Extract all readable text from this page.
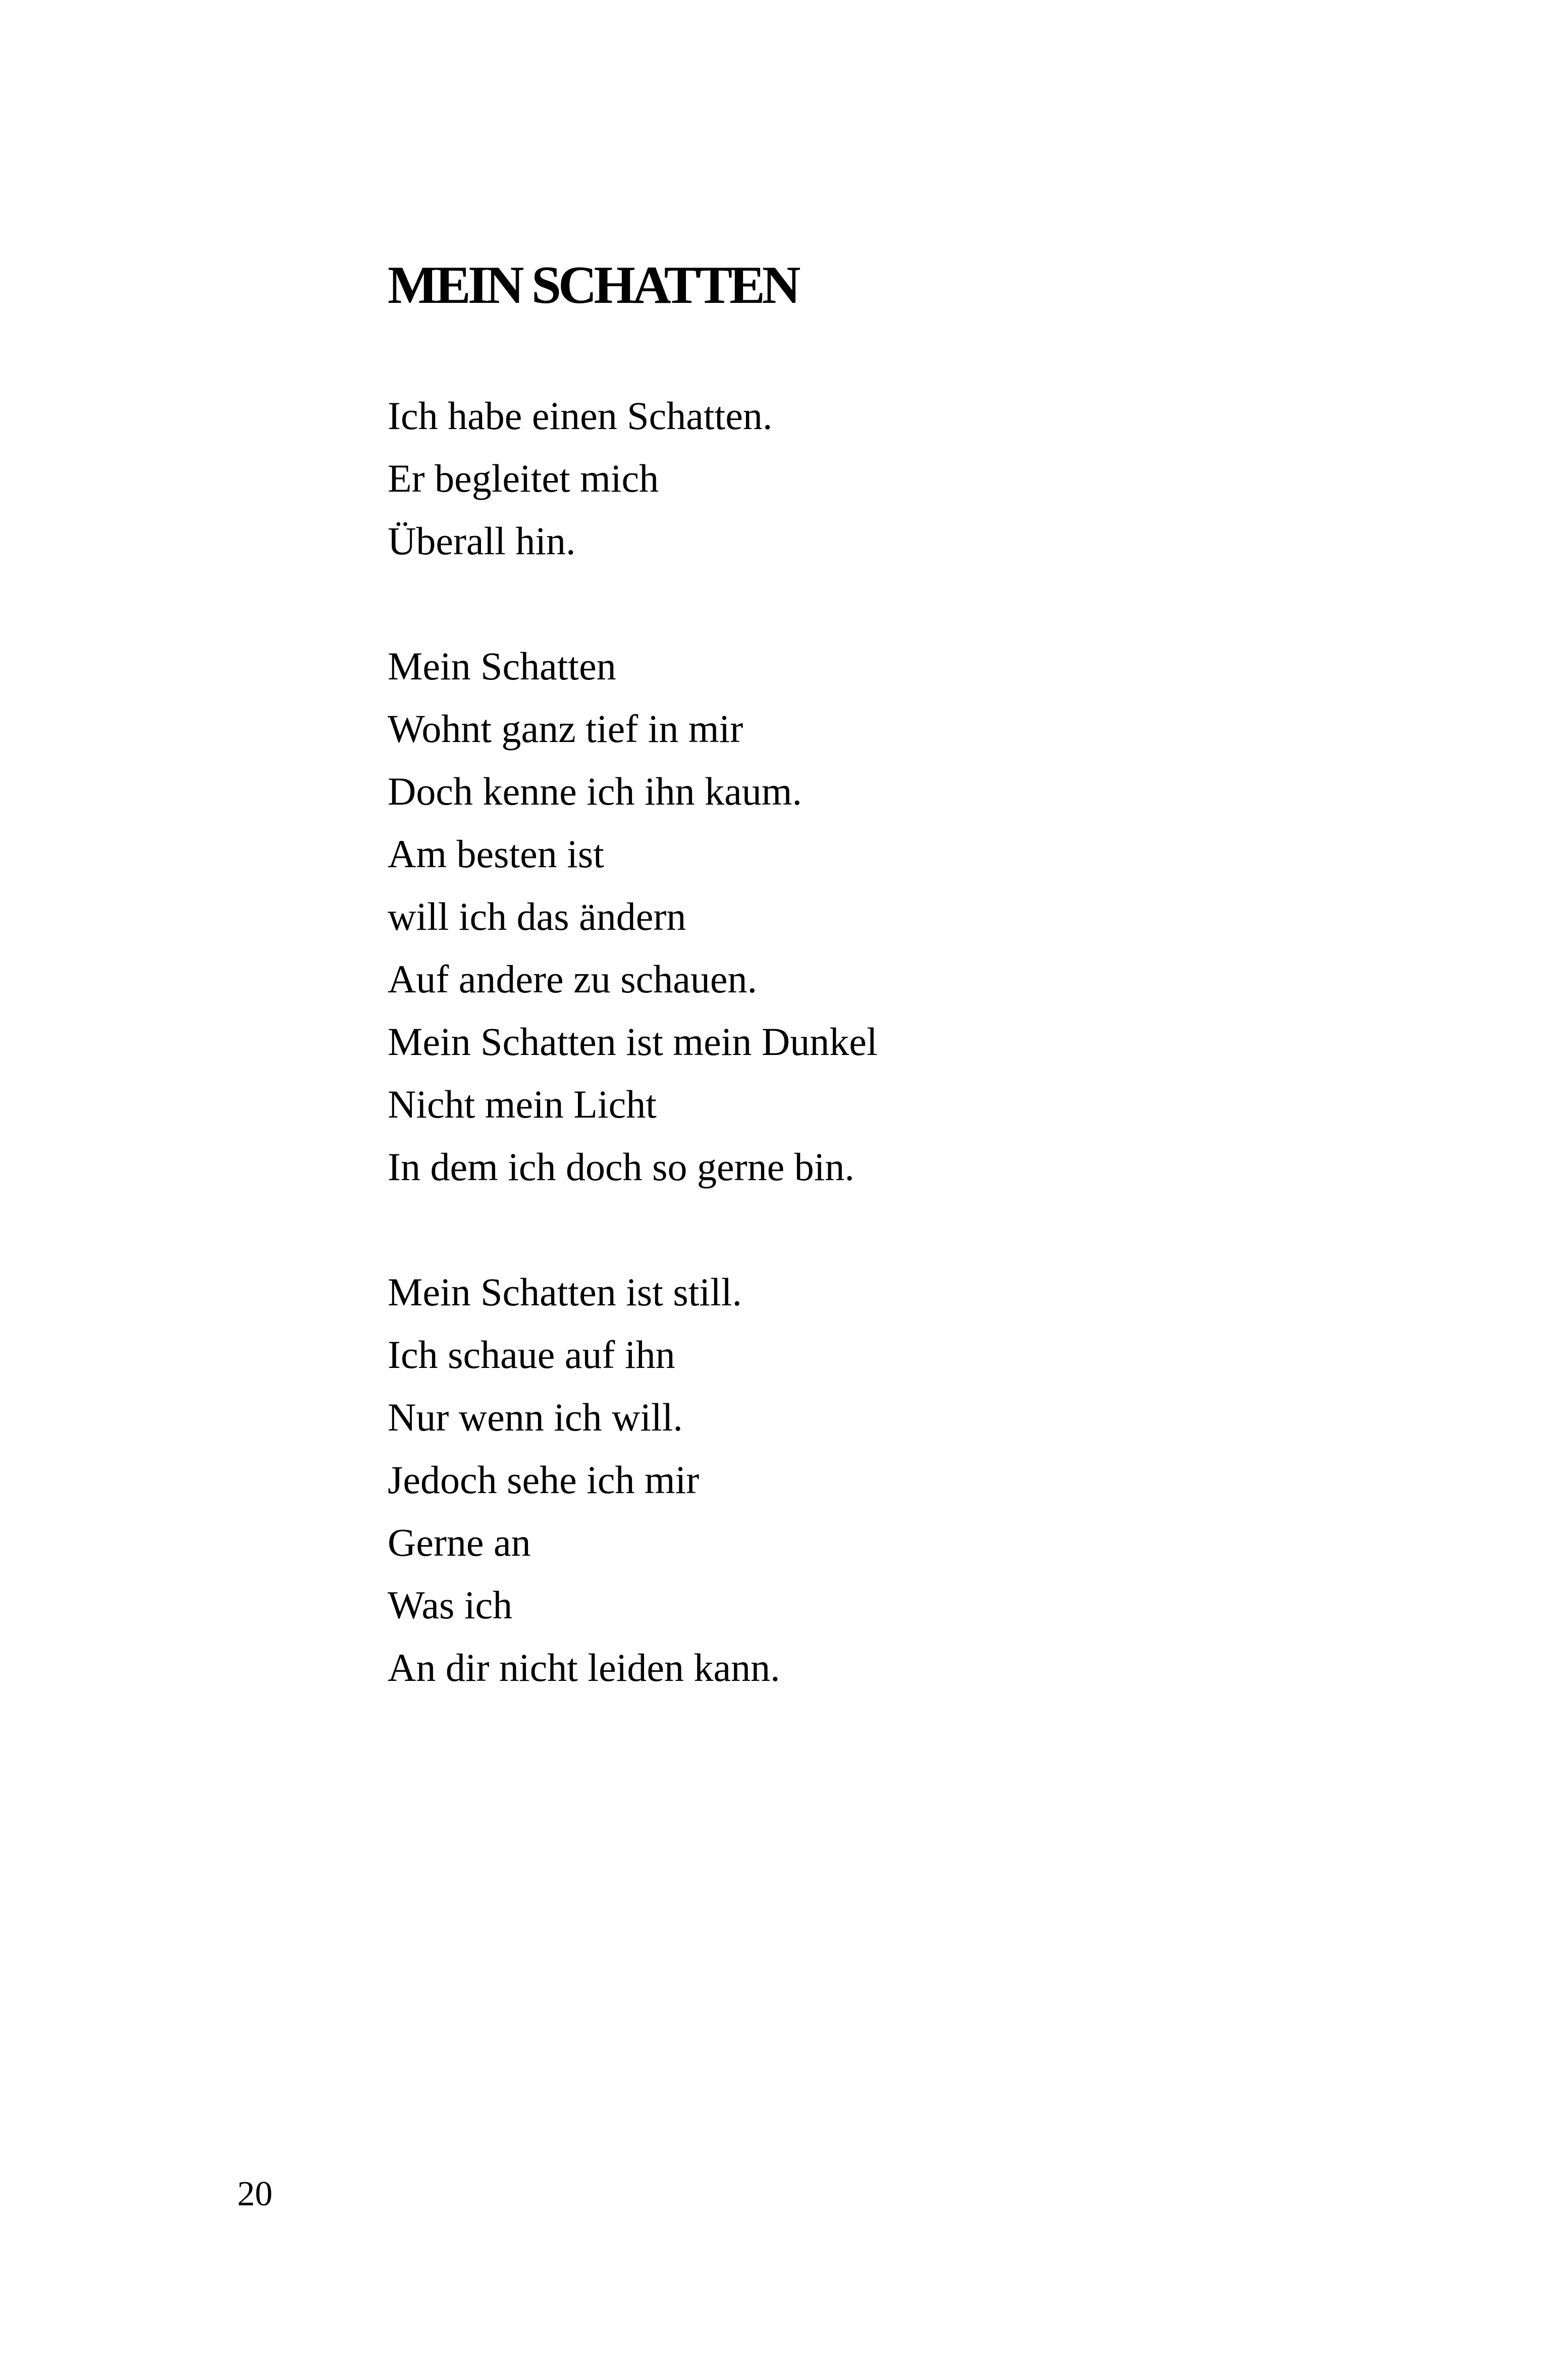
MEIN SCHATTEN
Ich habe einen Schatten.
Er begleitet mich
Überall hin.
Mein Schatten
Wohnt ganz tief in mir
Doch kenne ich ihn kaum.
Am besten ist
will ich das ändern
Auf andere zu schauen.
Mein Schatten ist mein Dunkel
Nicht mein Licht
In dem ich doch so gerne bin.
Mein Schatten ist still.
Ich schaue auf ihn
Nur wenn ich will.
Jedoch sehe ich mir
Gerne an
Was ich
An dir nicht leiden kann.
20
